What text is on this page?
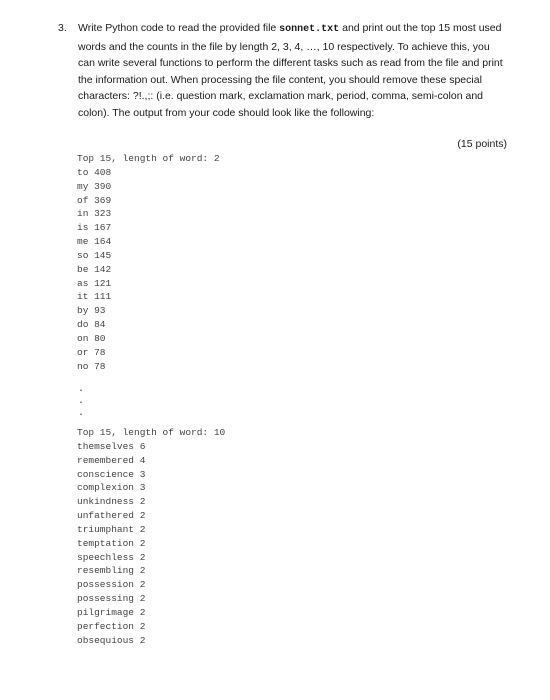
3. Write Python code to read the provided file sonnet.txt and print out the top 15 most used words and the counts in the file by length 2, 3, 4, …, 10 respectively. To achieve this, you can write several functions to perform the different tasks such as read from the file and print the information out. When processing the file content, you should remove these special characters: ?!.,;: (i.e. question mark, exclamation mark, period, comma, semi-colon and colon). The output from your code should look like the following:
(15 points)
Top 15, length of word: 2
to 408
my 390
of 369
in 323
is 167
me 164
so 145
be 142
as 121
it 111
by 93
do 84
on 80
or 78
no 78
.
.
.
Top 15, length of word: 10
themselves 6
remembered 4
conscience 3
complexion 3
unkindness 2
unfathered 2
triumphant 2
temptation 2
speechless 2
resembling 2
possession 2
possessing 2
pilgrimage 2
perfection 2
obsequious 2
